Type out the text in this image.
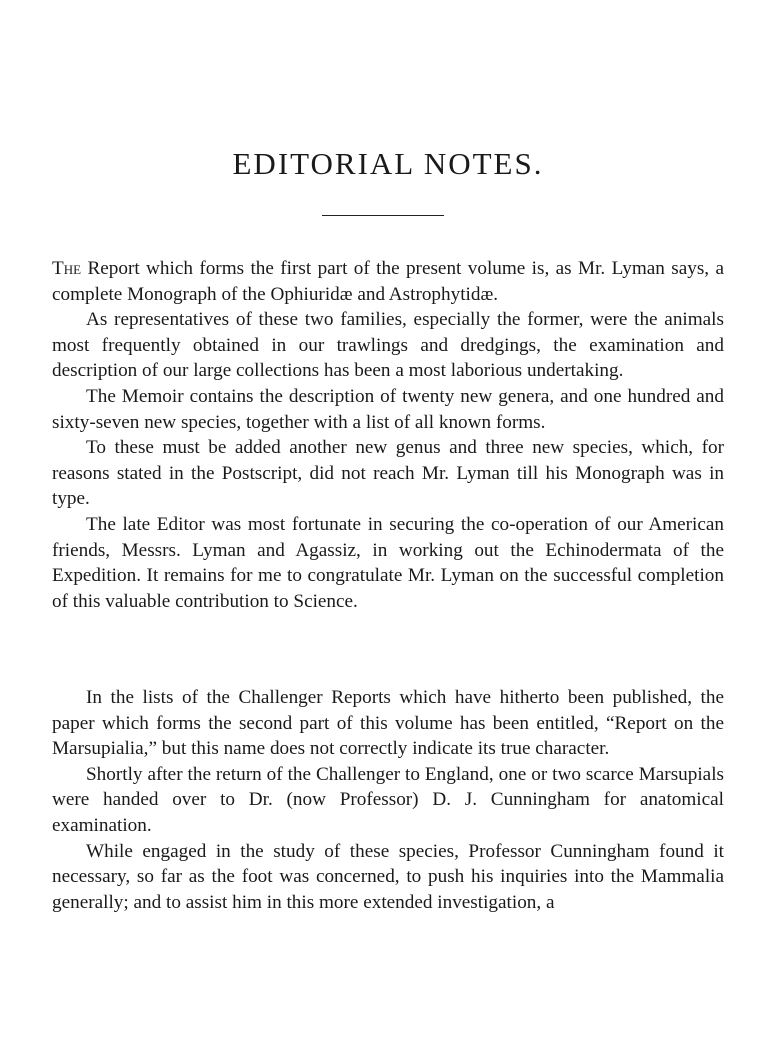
EDITORIAL NOTES.

The Report which forms the first part of the present volume is, as Mr. Lyman says, a complete Monograph of the Ophiuridæ and Astrophytidæ.

As representatives of these two families, especially the former, were the animals most frequently obtained in our trawlings and dredgings, the examination and description of our large collections has been a most laborious undertaking.

The Memoir contains the description of twenty new genera, and one hundred and sixty-seven new species, together with a list of all known forms.

To these must be added another new genus and three new species, which, for reasons stated in the Postscript, did not reach Mr. Lyman till his Monograph was in type.

The late Editor was most fortunate in securing the co-operation of our American friends, Messrs. Lyman and Agassiz, in working out the Echinodermata of the Expedition. It remains for me to congratulate Mr. Lyman on the successful completion of this valuable contribution to Science.

In the lists of the Challenger Reports which have hitherto been published, the paper which forms the second part of this volume has been entitled, “Report on the Marsupialia,” but this name does not correctly indicate its true character.

Shortly after the return of the Challenger to England, one or two scarce Marsupials were handed over to Dr. (now Professor) D. J. Cunningham for anatomical examination.

While engaged in the study of these species, Professor Cunningham found it necessary, so far as the foot was concerned, to push his inquiries into the Mammalia generally; and to assist him in this more extended investigation, a
